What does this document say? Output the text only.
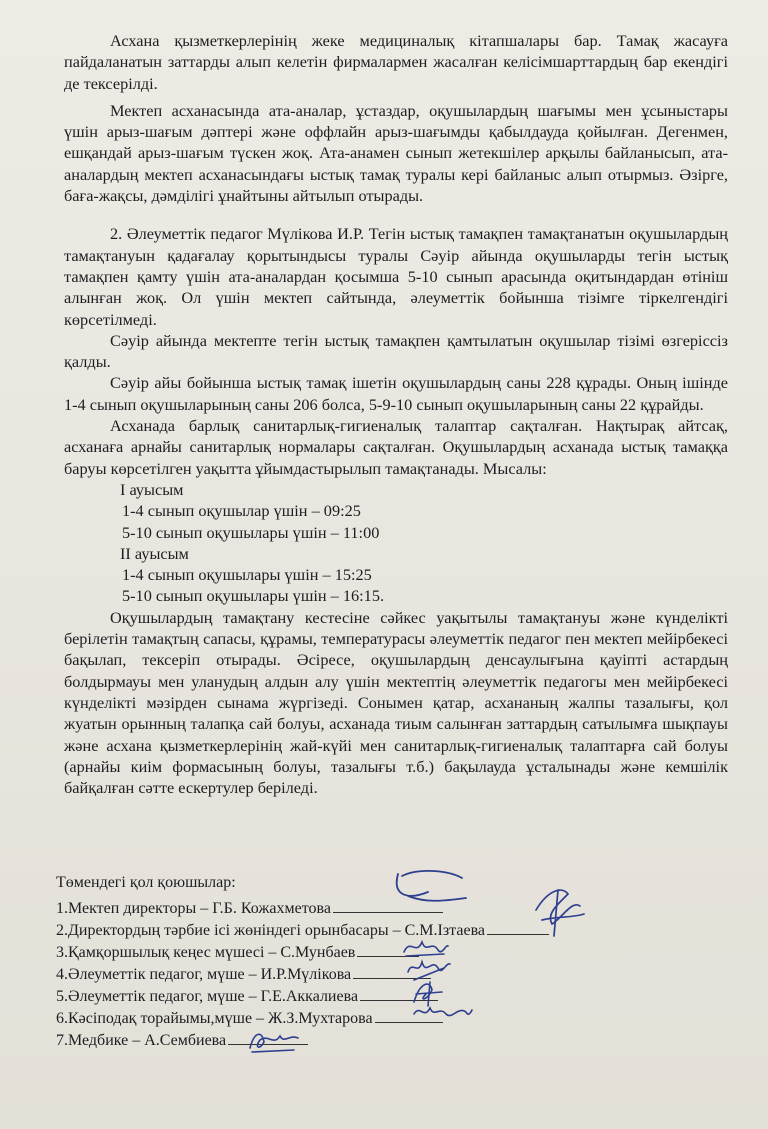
Асхана қызметкерлерінің жеке медициналық кітапшалары бар. Тамақ жасауға пайдаланатын заттарды алып келетін фирмалармен жасалған келісімшарттардың бар екендігі де тексерілді.

Мектеп асханасында ата-аналар, ұстаздар, оқушылардың шағымы мен ұсыныстары үшін арыз-шағым дәптері және оффлайн арыз-шағымды қабылдауда қойылған. Дегенмен, ешқандай арыз-шағым түскен жоқ. Ата-анамен сынып жетекшілер арқылы байланысып, ата-аналардың мектеп асханасындағы ыстық тамақ туралы кері байланыс алып отырмыз. Әзірге, баға-жақсы, дәмділігі ұнайтыны айтылып отырады.

2. Әлеуметтік педагог Мүлікова И.Р. Тегін ыстық тамақпен тамақтанатын оқушылардың тамақтануын қадағалау қорытындысы туралы Сәуір айында оқушыларды тегін ыстық тамақпен қамту үшін ата-аналардан қосымша 5-10 сынып арасында оқитындардан өтініш алынған жоқ. Ол үшін мектеп сайтында, әлеуметтік бойынша тізімге тіркелгендігі көрсетілмеді.

Сәуір айында мектепте тегін ыстық тамақпен қамтылатын оқушылар тізімі өзгеріссіз қалды.

Сәуір айы бойынша ыстық тамақ ішетін оқушылардың саны 228 құрады. Оның ішінде 1-4 сынып оқушыларының саны 206 болса, 5-9-10 сынып оқушыларының саны 22 құрайды.

Асханада барлық санитарлық-гигиеналық талаптар сақталған. Нақтырақ айтсақ, асханаға арнайы санитарлық нормалары сақталған. Оқушылардың асханада ыстық тамаққа баруы көрсетілген уақытта ұйымдастырылып тамақтанады. Мысалы:

І ауысым
1-4 сынып оқушылар үшін – 09:25
5-10 сынып оқушылары үшін – 11:00
ІІ ауысым
1-4 сынып оқушылары үшін – 15:25
5-10 сынып оқушылары үшін – 16:15.

Оқушылардың тамақтану кестесіне сәйкес уақытылы тамақтануы және күнделікті берілетін тамақтың сапасы, құрамы, температурасы әлеуметтік педагог пен мектеп мейірбекесі бақылап, тексеріп отырады. Әсіресе, оқушылардың денсаулығына қауіпті астардың болдырмауы мен уланудың алдын алу үшін мектептің әлеуметтік педагогы мен мейірбекесі күнделікті мәзірден сынама жүргізеді. Сонымен қатар, асхананың жалпы тазалығы, қол жуатын орынның талапқа сай болуы, асханада тиым салынған заттардың сатылымға шықпауы және асхана қызметкерлерінің жай-күйі мен санитарлық-гигиеналық талаптарға сай болуы (арнайы киім формасының болуы, тазалығы т.б.) бақылауда ұсталынады және кемшілік байқалған сәтте ескертулер беріледі.

Төмендегі қол қоюшылар:
1.Мектеп директоры – Г.Б. Кожахметова
2.Директордың тәрбие ісі жөніндегі орынбасары – С.М.Ізтаева
3.Қамқоршылық кеңес мүшесі – С.Мунбаев
4.Әлеуметтік педагог, мүше – И.Р.Мүлікова
5.Әлеуметтік педагог, мүше – Г.Е.Аккалиева
6.Кәсіподақ торайымы,мүше – Ж.З.Мухтарова
7.Медбике – А.Сембиева
